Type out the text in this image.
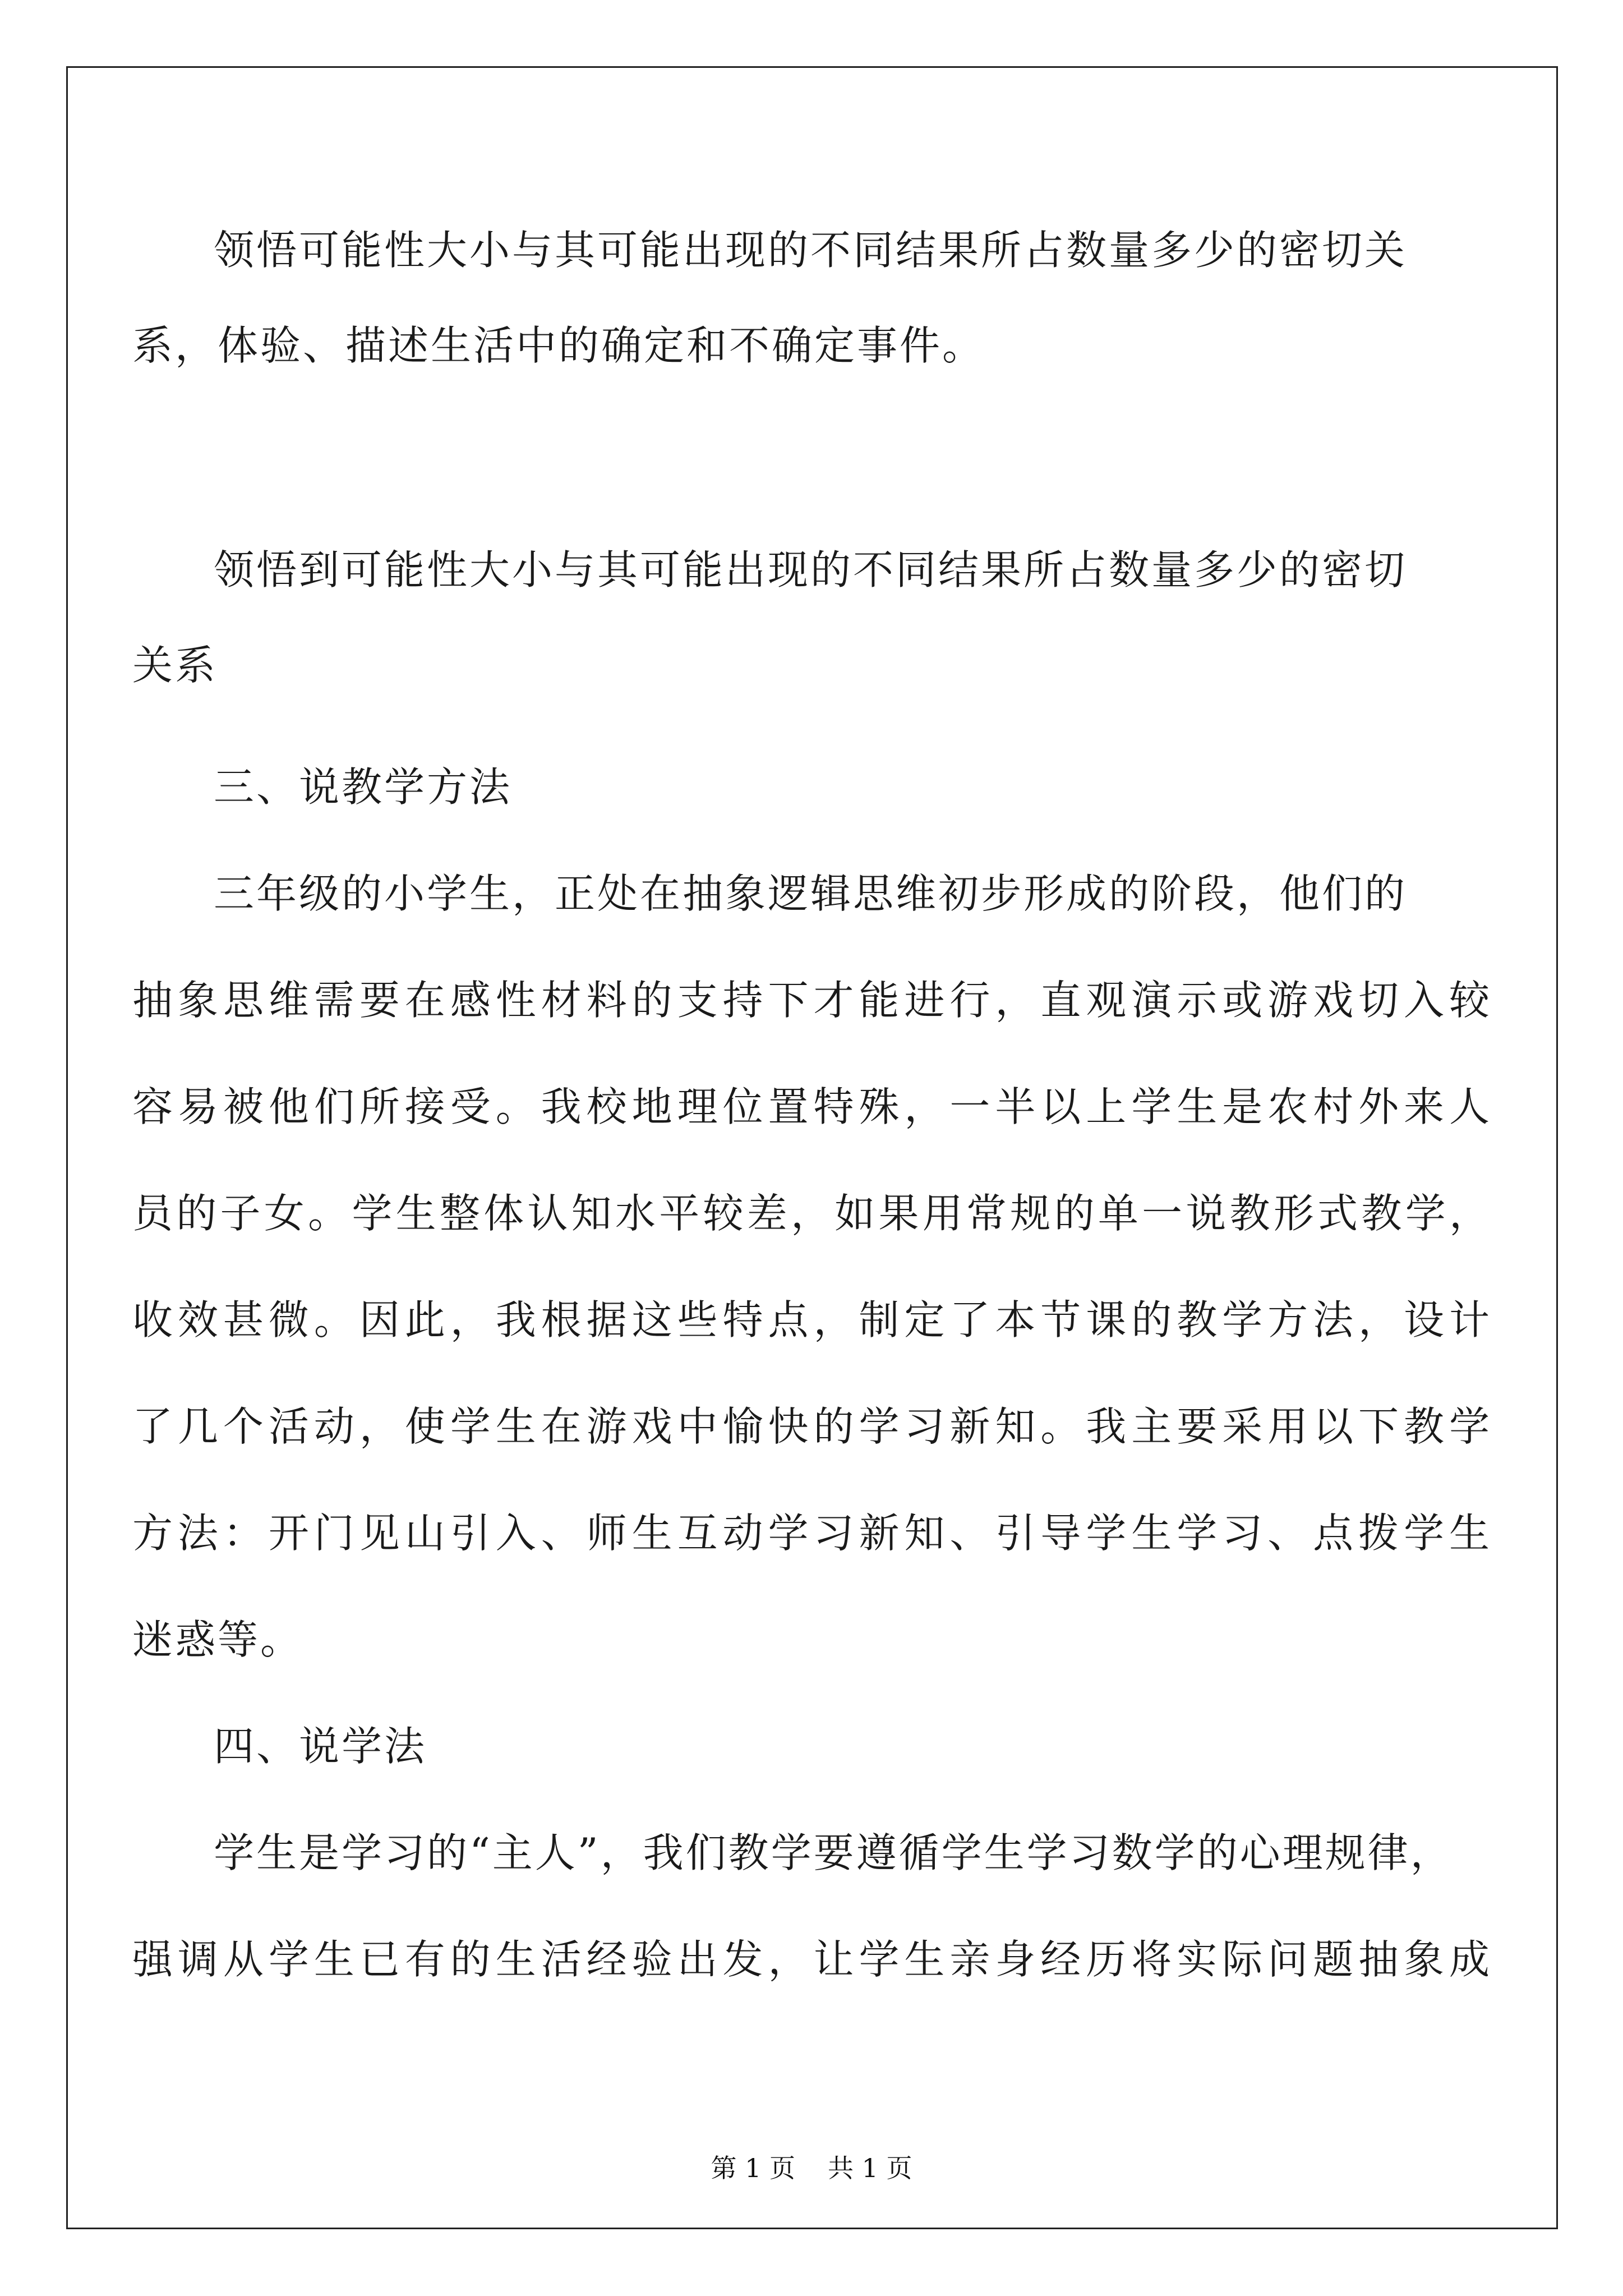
领悟可能性大小与其可能出现的不同结果所占数量多少的密切关
系，体验、描述生活中的确定和不确定事件。
领悟到可能性大小与其可能出现的不同结果所占数量多少的密切
关系
三、说教学方法
三年级的小学生，正处在抽象逻辑思维初步形成的阶段，他们的
抽象思维需要在感性材料的支持下才能进行，直观演示或游戏切入较
容易被他们所接受。我校地理位置特殊，一半以上学生是农村外来人
员的子女。学生整体认知水平较差，如果用常规的单一说教形式教学，
收效甚微。因此，我根据这些特点，制定了本节课的教学方法，设计
了几个活动，使学生在游戏中愉快的学习新知。我主要采用以下教学
方法：开门见山引入、师生互动学习新知、引导学生学习、点拨学生
迷惑等。
四、说学法
学生是学习的“主人”，我们教学要遵循学生学习数学的心理规律，
强调从学生已有的生活经验出发，让学生亲身经历将实际问题抽象成
第 1 页 共 1 页
